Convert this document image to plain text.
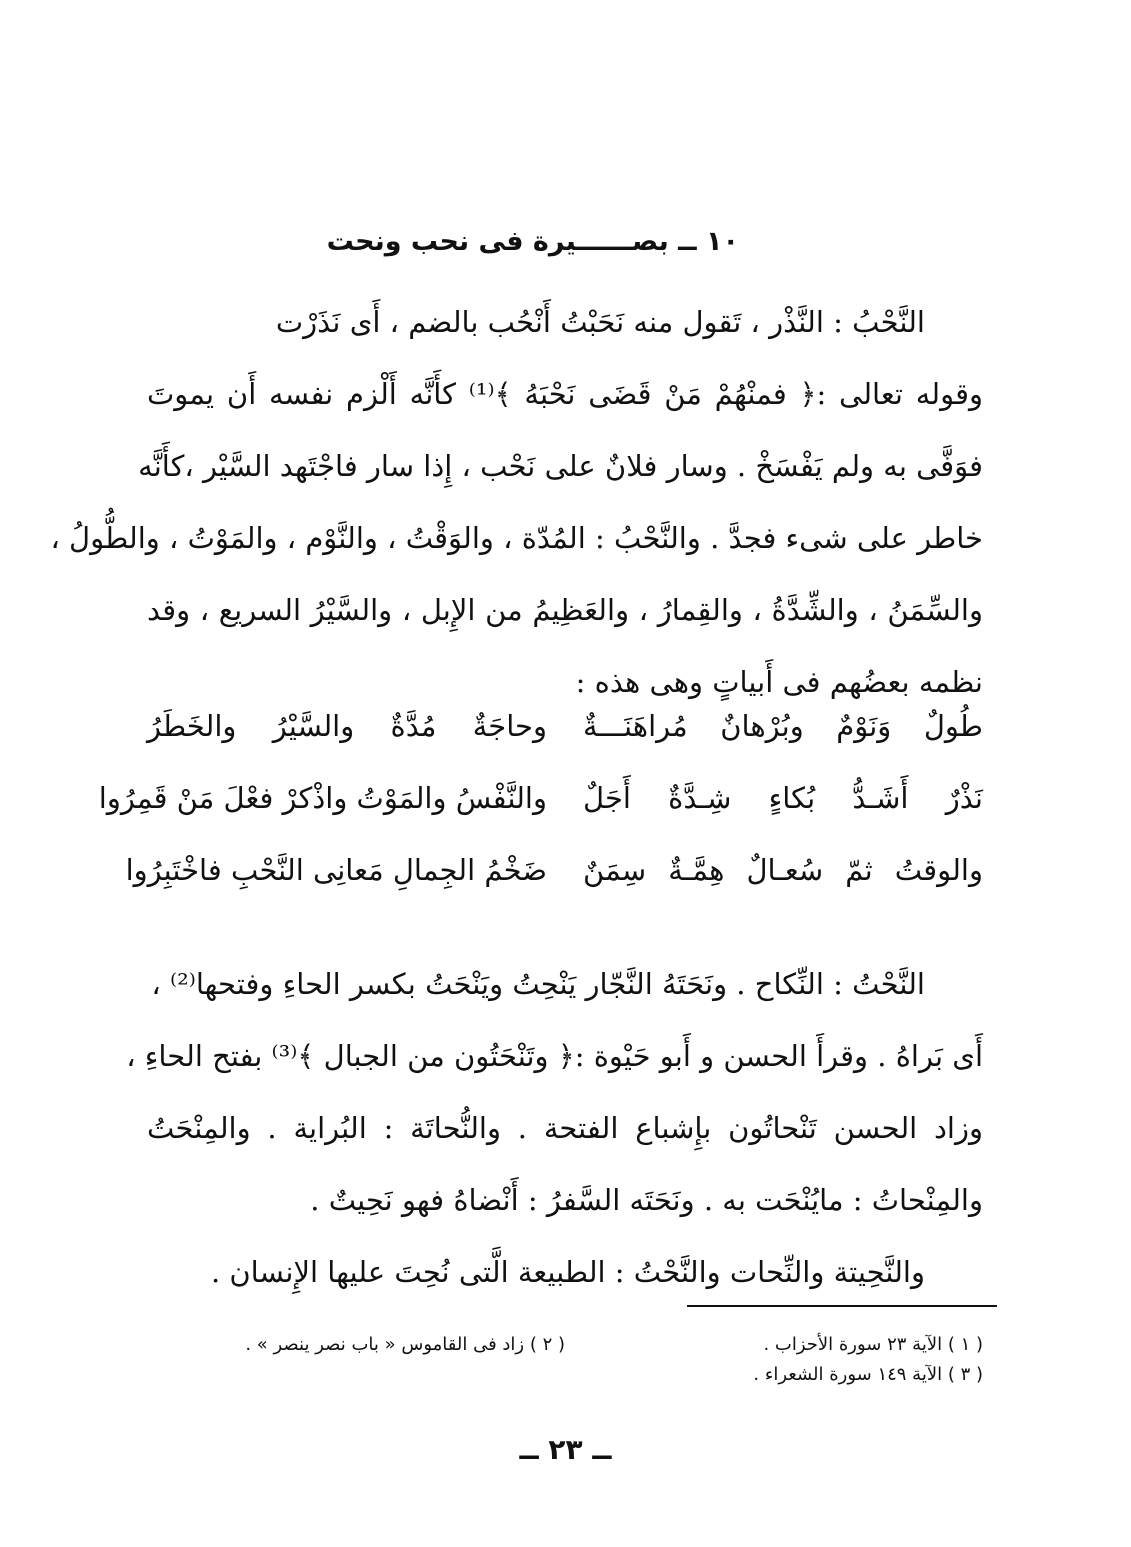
١٠ ــ بصــــــيرة فى نحب ونحت
النَّحْبُ : النَّذْر ، تَقول منه نَحَبْتُ أَنْحُب بالضم ، أَى نَذَرْت
وقوله تعالى :﴿ فمنْهُمْ مَنْ قَضَى نَحْبَهُ ﴾⁽¹⁾ كأَنَّه أَلْزم نفسه أَن يموتَ
فوَفَّى به ولم يَفْسَخْ . وسار فلانٌ على نَحْب ، إِذا سار فاجْتَهد السَّيْر ،كأَنَّه
خاطر على شىء فجدَّ . والنَّحْبُ : المُدّة ، والوَقْتُ ، والنَّوْم ، والمَوْتُ ، والطُّولُ ،
والسِّمَنُ ، والشِّدَّةُ ، والقِمارُ ، والعَظِيمُ من الإِبل ، والسَّيْرُ السريع ، وقد
نظمه بعضُهم فى أَبياتٍ وهى هذه :
طُولٌ وَنَوْمٌ وبُرْهانٌ مُراهَنَـــةٌ
وحاجَةٌ مُدَّةٌ والسَّيْرُ والخَطَرُ
نَذْرٌ أَشَـدُّ بُكاءٍ شِـدَّةٌ أَجَلٌ
والنَّفْسُ والمَوْتُ واذْكرْ فعْلَ مَنْ قَمِرُوا
والوقتُ ثمّ سُعـالٌ هِمَّـةٌ سِمَنٌ
ضَخْمُ الجِمالِ مَعانِى النَّحْبِ فاخْتَبِرُوا
النَّحْتُ : النِّكاح . ونَحَتَهُ النَّجّار يَنْحِتُ ويَنْحَتُ بكسر الحاءِ وفتحها⁽²⁾ ،
أَى بَراهُ . وقرأَ الحسن و أَبو حَيْوة :﴿ وتَنْحَتُون من الجبال ﴾⁽³⁾ بفتح الحاءِ ،
وزاد الحسن تَنْحاتُون بإِشباع الفتحة . والنُّحاتَة : البُراية . والمِنْحَتُ
والمِنْحاتُ : مايُنْحَت به . ونَحَتَه السَّفرُ : أَنْضاهُ فهو نَحِيتٌ .
والنَّحِيتة والنِّحات والنَّحْتُ : الطبيعة الَّتى نُحِتَ عليها الإِنسان .
( ١ ) الآية ٢٣ سورة الأحزاب .
( ٢ ) زاد فى القاموس « باب نصر ينصر » .
( ٣ ) الآية ١٤٩ سورة الشعراء .
ــ ٢٣ ــ
